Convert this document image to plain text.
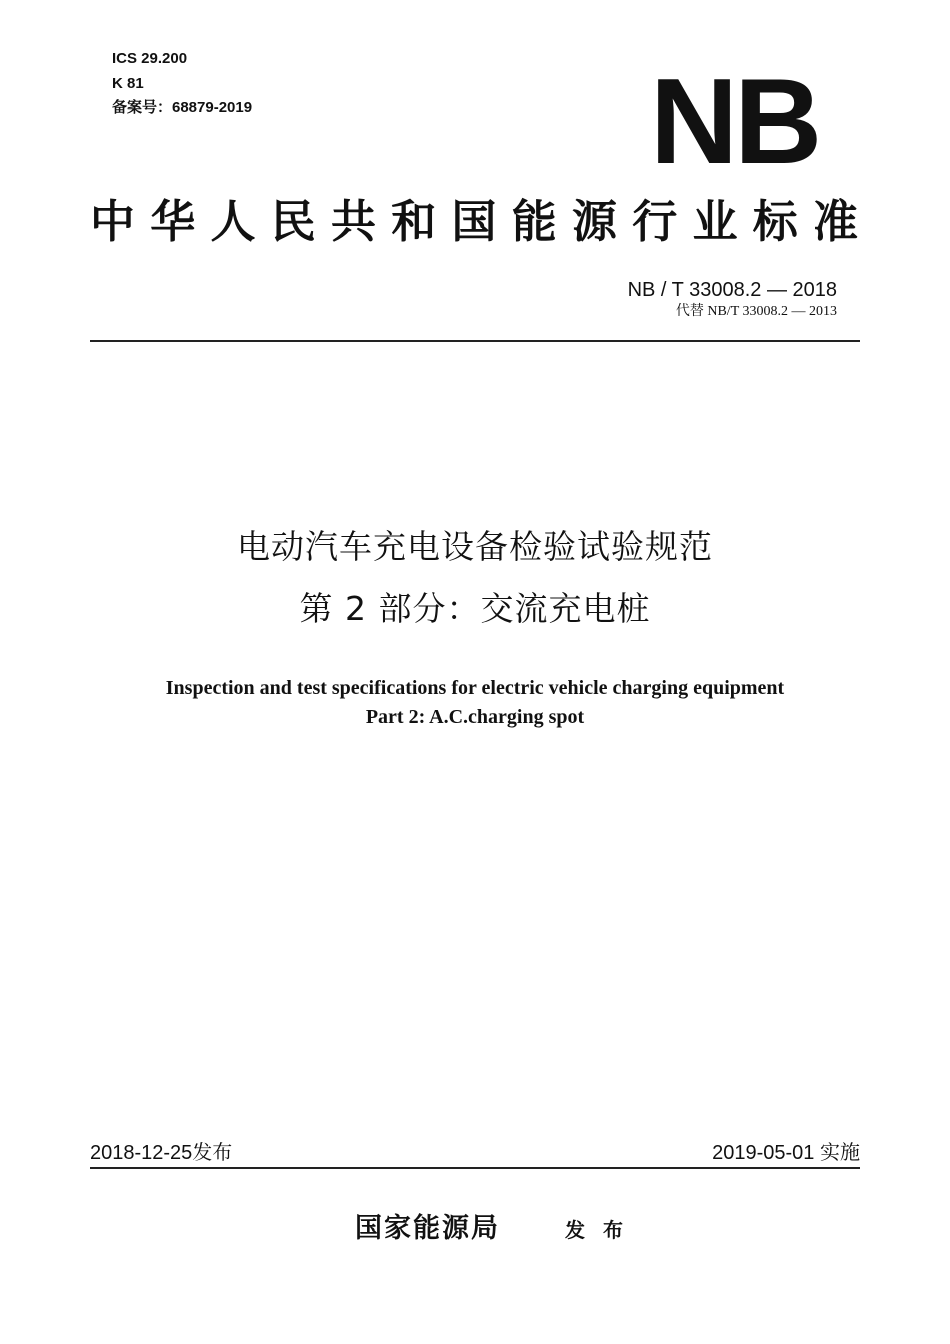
ICS 29.200
K 81
备案号：68879-2019	NB
中华人民共和国能源行业标准
NB / T 33008.2 — 2018
代替 NB/T 33008.2 — 2013
电动汽车充电设备检验试验规范
第 2 部分：交流充电桩
Inspection and test specifications for electric vehicle charging equipment
Part 2: A.C.charging spot
2018-12-25发布	2019-05-01 实施
国家能源局	发布
